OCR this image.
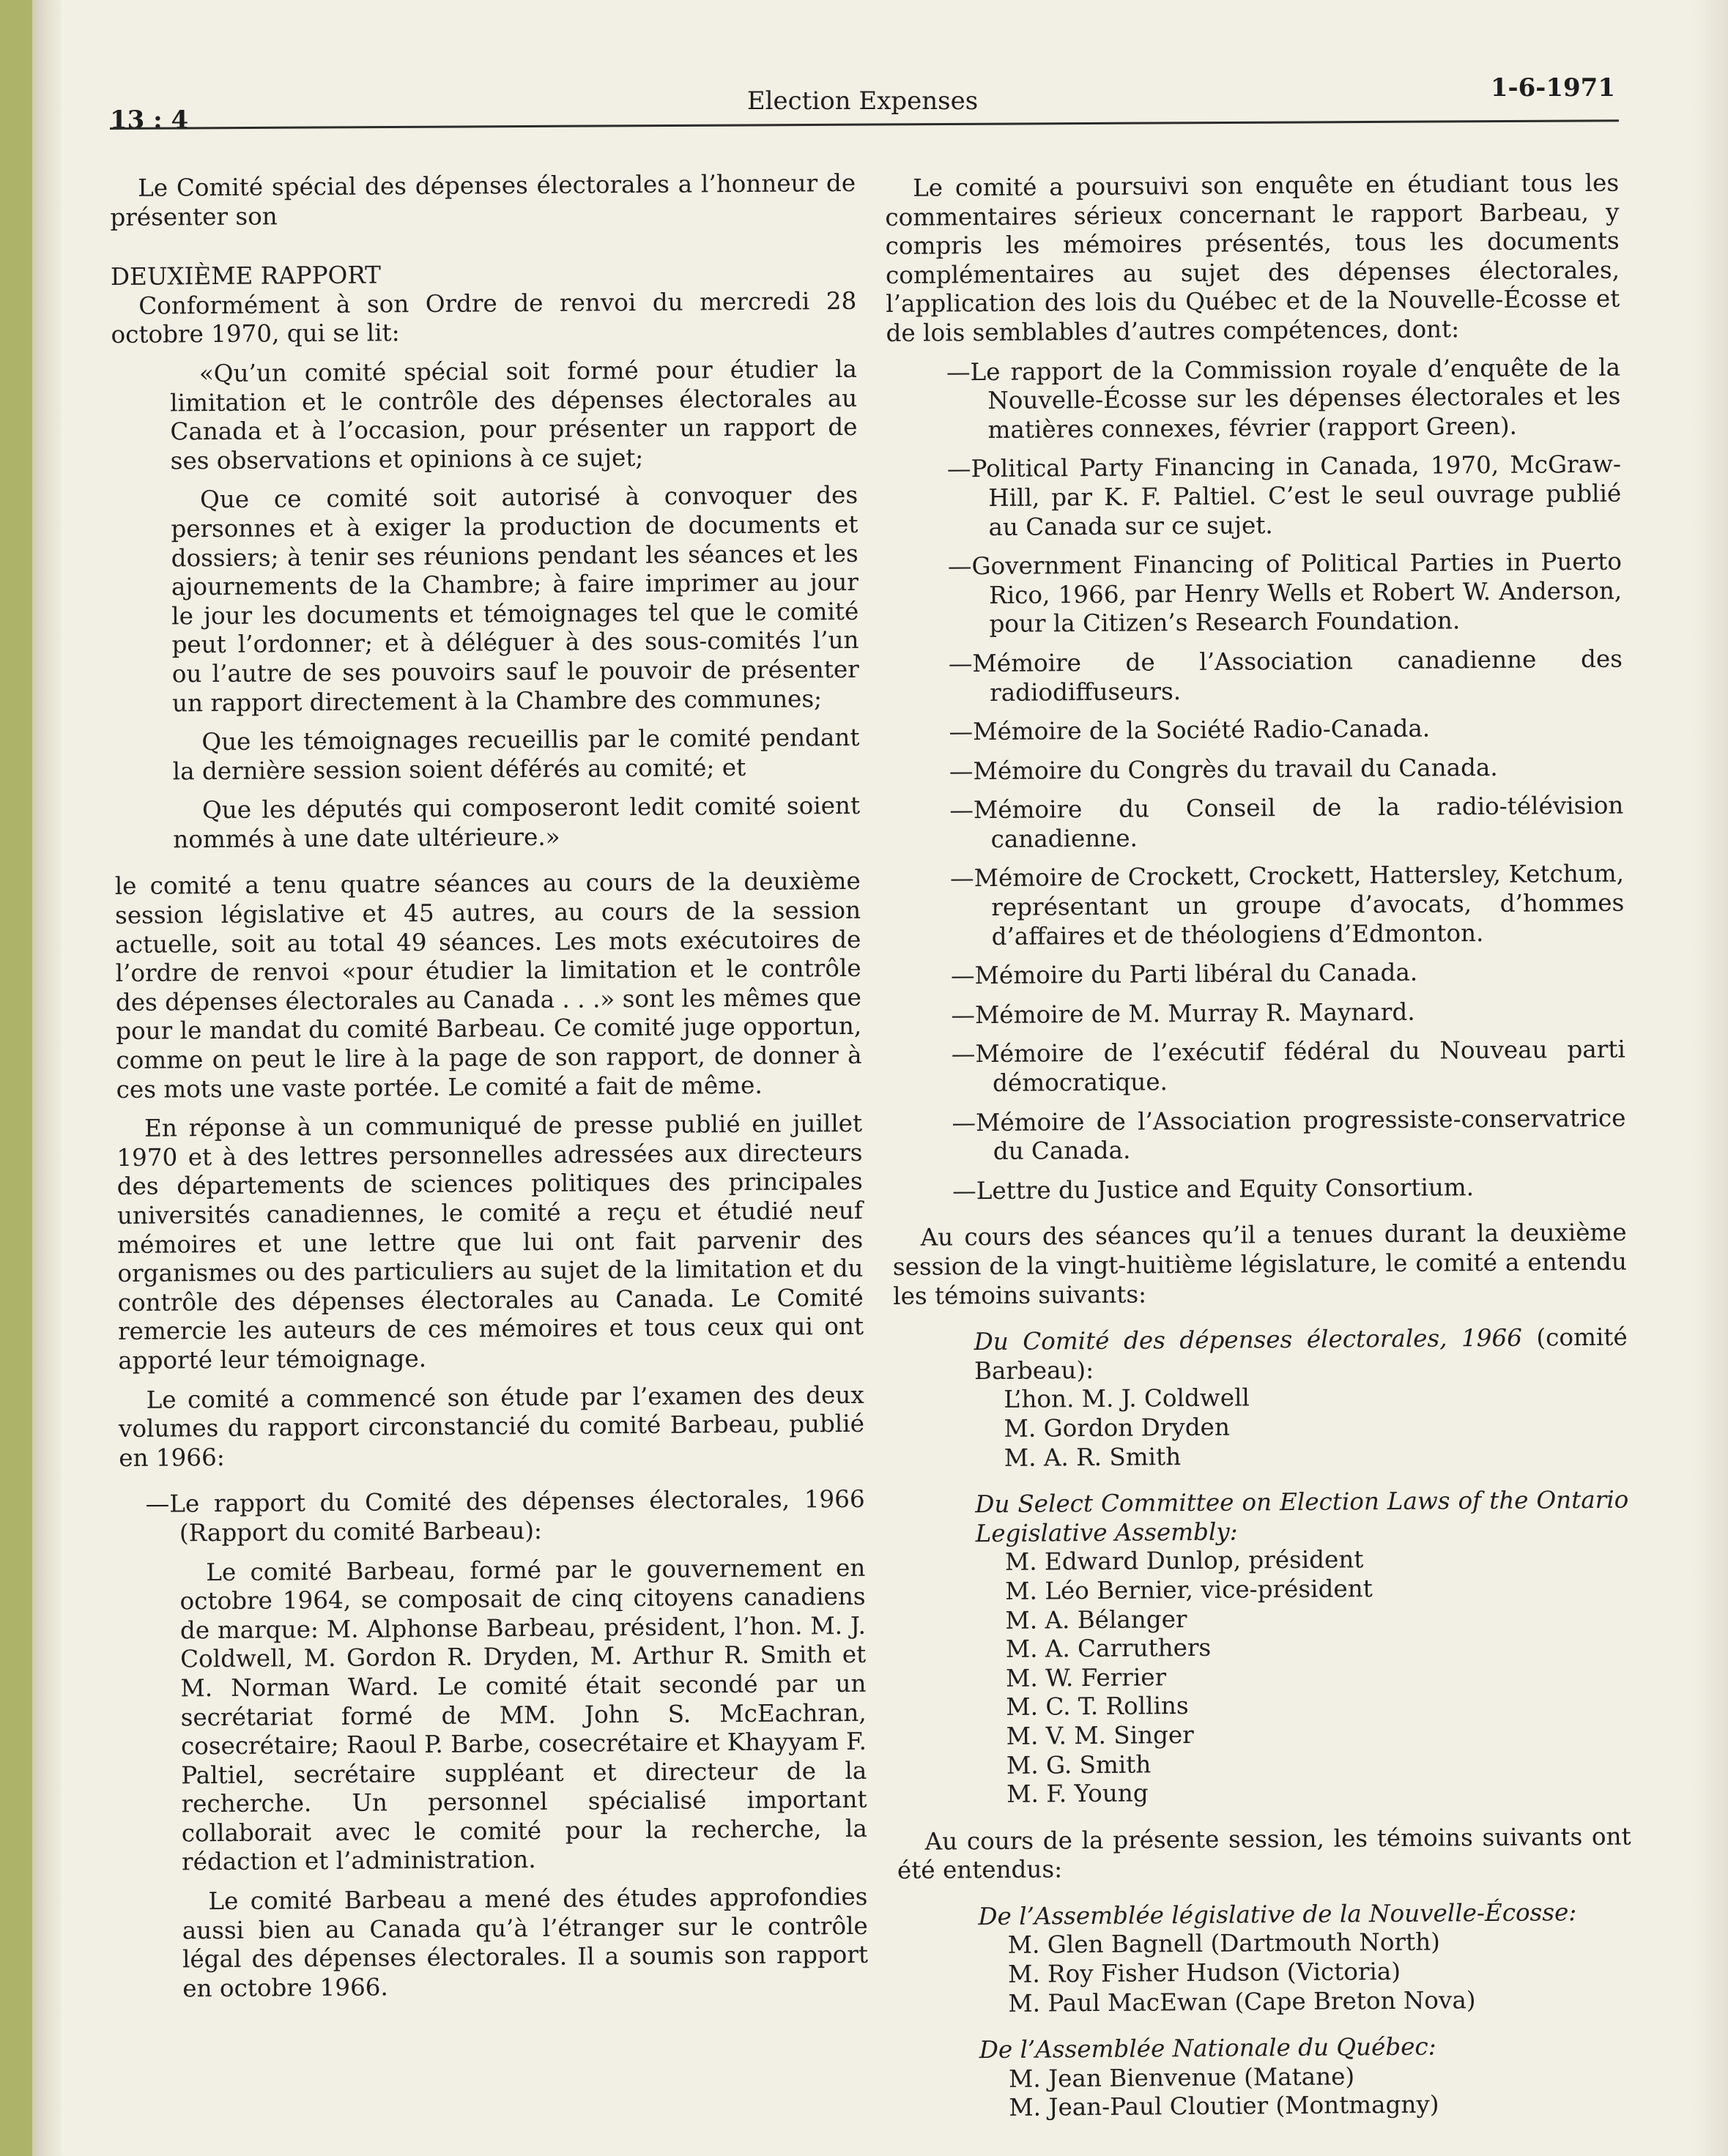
13 : 4
Election Expenses	1-6-1971

Le Comité spécial des dépenses électorales a l’honneur de présenter son

DEUXIÈME RAPPORT

Conformément à son Ordre de renvoi du mercredi 28 octobre 1970, qui se lit:

«Qu’un comité spécial soit formé pour étudier la limitation et le contrôle des dépenses électorales au Canada et à l’occasion, pour présenter un rapport de ses observations et opinions à ce sujet;

Que ce comité soit autorisé à convoquer des personnes et à exiger la production de documents et dossiers; à tenir ses réunions pendant les séances et les ajournements de la Chambre; à faire imprimer au jour le jour les documents et témoignages tel que le comité peut l’ordonner; et à déléguer à des sous-comités l’un ou l’autre de ses pouvoirs sauf le pouvoir de présenter un rapport directement à la Chambre des communes;

Que les témoignages recueillis par le comité pendant la dernière session soient déférés au comité; et

Que les députés qui composeront ledit comité soient nommés à une date ultérieure.»

le comité a tenu quatre séances au cours de la deuxième session législative et 45 autres, au cours de la session actuelle, soit au total 49 séances. Les mots exécutoires de l’ordre de renvoi «pour étudier la limitation et le contrôle des dépenses électorales au Canada . . .» sont les mêmes que pour le mandat du comité Barbeau. Ce comité juge opportun, comme on peut le lire à la page de son rapport, de donner à ces mots une vaste portée. Le comité a fait de même.

En réponse à un communiqué de presse publié en juillet 1970 et à des lettres personnelles adressées aux directeurs des départements de sciences politiques des principales universités canadiennes, le comité a reçu et étudié neuf mémoires et une lettre que lui ont fait parvenir des organismes ou des particuliers au sujet de la limitation et du contrôle des dépenses électorales au Canada. Le Comité remercie les auteurs de ces mémoires et tous ceux qui ont apporté leur témoignage.

Le comité a commencé son étude par l’examen des deux volumes du rapport circonstancié du comité Barbeau, publié en 1966:

—Le rapport du Comité des dépenses électorales, 1966 (Rapport du comité Barbeau):

Le comité Barbeau, formé par le gouvernement en octobre 1964, se composait de cinq citoyens canadiens de marque: M. Alphonse Barbeau, président, l’hon. M. J. Coldwell, M. Gordon R. Dryden, M. Arthur R. Smith et M. Norman Ward. Le comité était secondé par un secrétariat formé de MM. John S. McEachran, cosecrétaire; Raoul P. Barbe, cosecrétaire et Khayyam F. Paltiel, secrétaire suppléant et directeur de la recherche. Un personnel spécialisé important collaborait avec le comité pour la recherche, la rédaction et l’administration.

Le comité Barbeau a mené des études approfondies aussi bien au Canada qu’à l’étranger sur le contrôle légal des dépenses électorales. Il a soumis son rapport en octobre 1966.

Le comité a poursuivi son enquête en étudiant tous les commentaires sérieux concernant le rapport Barbeau, y compris les mémoires présentés, tous les documents complémentaires au sujet des dépenses électorales, l’application des lois du Québec et de la Nouvelle-Écosse et de lois semblables d’autres compétences, dont:

—Le rapport de la Commission royale d’enquête de la Nouvelle-Écosse sur les dépenses électorales et les matières connexes, février (rapport Green).

—Political Party Financing in Canada, 1970, McGraw-Hill, par K. F. Paltiel. C’est le seul ouvrage publié au Canada sur ce sujet.

—Government Financing of Political Parties in Puerto Rico, 1966, par Henry Wells et Robert W. Anderson, pour la Citizen’s Research Foundation.

—Mémoire de l’Association canadienne des radiodiffuseurs.

—Mémoire de la Société Radio-Canada.

—Mémoire du Congrès du travail du Canada.

—Mémoire du Conseil de la radio-télévision canadienne.

—Mémoire de Crockett, Crockett, Hattersley, Ketchum, représentant un groupe d’avocats, d’hommes d’affaires et de théologiens d’Edmonton.

—Mémoire du Parti libéral du Canada.

—Mémoire de M. Murray R. Maynard.

—Mémoire de l’exécutif fédéral du Nouveau parti démocratique.

—Mémoire de l’Association progressiste-conservatrice du Canada.

—Lettre du Justice and Equity Consortium.

Au cours des séances qu’il a tenues durant la deuxième session de la vingt-huitième législature, le comité a entendu les témoins suivants:

Du Comité des dépenses électorales, 1966 (comité Barbeau):

L’hon. M. J. Coldwell
M. Gordon Dryden
M. A. R. Smith

Du Select Committee on Election Laws of the Ontario Legislative Assembly:

M. Edward Dunlop, président
M. Léo Bernier, vice-président
M. A. Bélanger
M. A. Carruthers
M. W. Ferrier
M. C. T. Rollins
M. V. M. Singer
M. G. Smith
M. F. Young

Au cours de la présente session, les témoins suivants ont été entendus:

De l’Assemblée législative de la Nouvelle-Écosse:

M. Glen Bagnell (Dartmouth North)
M. Roy Fisher Hudson (Victoria)
M. Paul MacEwan (Cape Breton Nova)

De l’Assemblée Nationale du Québec:

M. Jean Bienvenue (Matane)
M. Jean-Paul Cloutier (Montmagny)
